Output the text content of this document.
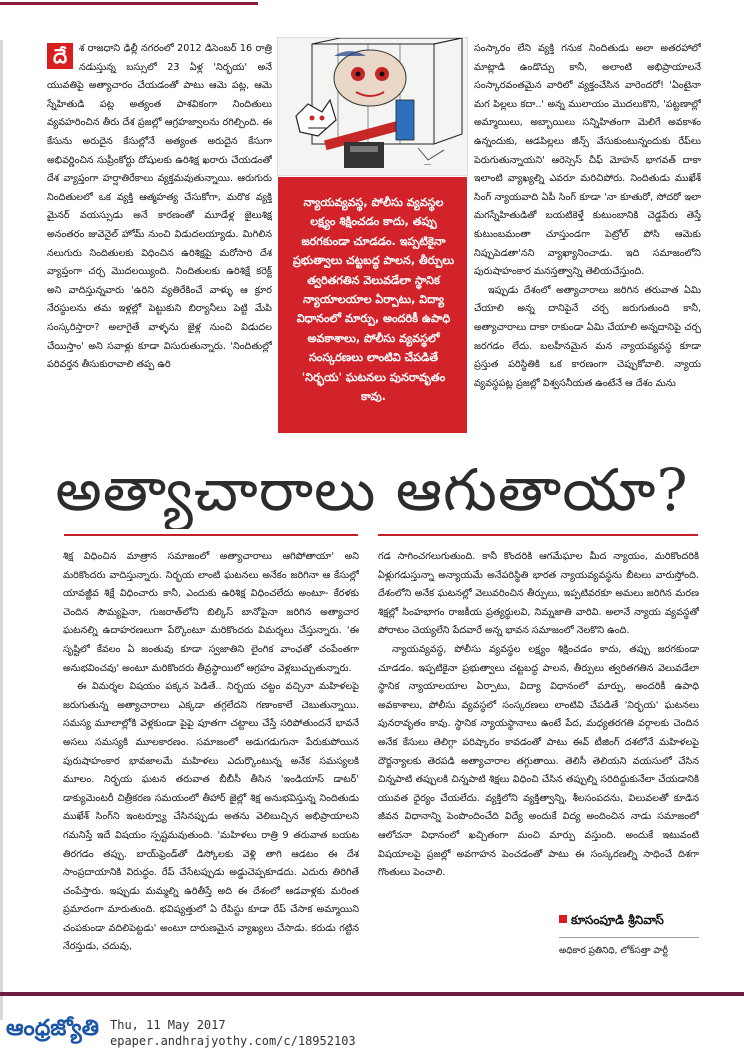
దే	శ రాజధాని ఢిల్లీ నగరంలో 2012 డిసెంబర్ 16 రాత్రి నడుస్తున్న బస్సులో 23 ఏళ్ల 'నిర్భయ' అనే యువతిపై అత్యాచారం చేయడంతో పాటు ఆమె పట్ల, ఆమె స్నేహితుడి పట్ల అత్యంత పాశవికంగా నిందితులు వ్యవహరించిన తీరు దేశ ప్రజల్లో ఆగ్రహజ్వాలను రగిల్చింది. ఈ కేసును అరుదైన కేసుల్లోనే అత్యంత అరుదైన కేసుగా అభివర్ణించిన సుప్రీంకోర్టు దోషులకు ఉరిశిక్ష ఖరారు చేయడంతో దేశ వ్యాప్తంగా హర్షాతిరేకాలు వ్యక్తమవుతున్నాయి. ఆరుగురు నిందితులలో ఒక వ్యక్తి ఆత్మహత్య చేసుకోగా, మరొక వ్యక్తి మైనర్ వయస్సుడు అనే కారణంతో మూడేళ్ల జైలుశిక్ష అనంతరం జువెనైల్ హోమ్ నుంచి విడుదలయ్యాడు. మిగిలిన నలుగురు నిందితులకు విధించిన ఉరిశిక్షపై మరోసారి దేశ వ్యాప్తంగా చర్చ మొదలయ్యింది. నిందితులకు ఉరిశిక్షే కరెక్ట్ అని వాదిస్తున్నవారు 'ఉరిని వ్యతిరేకించే వాళ్ళు ఆ క్రూర నేరస్థులను తమ ఇళ్లల్లో పెట్టుకుని బిర్యానీలు పెట్టి మేపి సంస్కరిస్తారా? అలాగైతే వాళ్ళను జైళ్ల నుంచి విడుదల చేయిస్తాం' అని సవాళ్లు కూడా విసురుతున్నారు. 'నిందితుల్లో పరివర్తన తీసుకురావాలి తప్ప ఉరి

—
న్యాయవ్యవస్థ, పోలీసు వ్యవస్థల లక్ష్యం శిక్షించడం కాదు, తప్పు జరగకుండా చూడడం. ఇప్పటికైనా ప్రభుత్వాలు చట్టబద్ధ పాలన, తీర్పులు త్వరితగతిన వెలువడేలా స్థానిక న్యాయాలయాల ఏర్పాటు, విద్యా విధానంలో మార్పు, అందరికీ ఉపాధి అవకాశాలు, పోలీసు వ్యవస్థలో సంస్కరణలు లాంటివి చేపడితే 'నిర్భయ' ఘటనలు పునరావృతం కావు.

సంస్కారం లేని వ్యక్తి గనుక నిందితుడు అలా అతరహాలో మాట్లాడి ఉండొచ్చు కానీ, అలాంటి అభిప్రాయాలనే సంస్కారవంతమైన వారిలో వ్యక్తంచేసిన వారెందరో! 'ఏంటైనా మగ పిల్లలు కదా..' అన్న ములాయం మొదలుకొని, 'పట్టణాల్లో అమ్మాయిలు, అబ్బాయిలు సన్నిహితంగా మెలిగే అవకాశం ఉన్నందుకు, ఆడపిల్లలు జీన్స్ వేసుకుంటున్నందుకు రేప్‌లు పెరుగుతున్నాయని' ఆరెస్సెస్ చీఫ్ మోహన్ భాగవత్ దాకా ఇలాంటి వ్యాఖ్యల్ని ఎవరూ మరిచిపోరు. నిందితుడు ముఖేశ్ సింగ్ న్యాయవాది ఏపీ సింగ్ కూడా 'నా కూతురో, సోదరో ఇలా మగస్నేహితుడితో బయటికెళ్తే కుటుంబానికి చెడ్డపేరు తెస్తే కుటుంబమంతా చూస్తుండగా పెట్రోల్ పోసి ఆమెకు నిప్పుపెడతా'నని వ్యాఖ్యానించాడు. ఇది సమాజంలోని పురుషాహంకార మనస్తత్వాన్ని తెలియచేస్తుంది.

ఇప్పుడు దేశంలో అత్యాచారాలు జరిగిన తరువాత ఏమి చేయాలి అన్న దానిపైనే చర్చ జరుగుతుంది కానీ, అత్యాచారాలు దాకా రాకుండా ఏమి చేయాలి అన్నదానిపై చర్చ జరగడం లేదు. బలహీనమైన మన న్యాయవ్యవస్థ కూడా ప్రస్తుత పరిస్థితికి ఒక కారణంగా చెప్పుకోవాలి. న్యాయ వ్యవస్థపట్ల ప్రజల్లో విశ్వసనీయత ఉంటేనే ఆ దేశం మను

అత్యాచారాలు ఆగుతాయా?

శిక్ష విధించిన మాత్రాన సమాజంలో అత్యాచారాలు ఆగిపోతాయా' అని మరికొందరు వాదిస్తున్నారు. నిర్భయ లాంటి ఘటనలు అనేకం జరిగినా ఆ కేసుల్లో యావజ్జీవ శిక్షే విధించారు కానీ, ఎందుకు ఉరిశిక్ష విధించలేదు అంటూ- కేరళకు చెందిన సౌమ్యపైనా, గుజరాత్‌లోని బిల్కిస్ బానోపైనా జరిగిన అత్యాచార ఘటనల్ని ఉదాహరణలుగా పేర్కొంటూ మరికొందరు విమర్శలు చేస్తున్నారు. 'ఈ సృష్టిలో కేవలం ఏ జంతువు కూడా స్వజాతిని లైంగిక వాంఛతో చంపేంతగా అనుభవించవు' అంటూ మరికొందరు తీవ్రస్థాయిలో ఆగ్రహం వెళ్లబుచ్చుతున్నారు.

ఈ విమర్శల విషయం పక్కన పెడితే.. నిర్భయ చట్టం వచ్చినా మహిళలపై జరుగుతున్న అత్యాచారాలు ఎక్కడా తగ్గలేదని గణాంకాలే చెబుతున్నాయి. సమస్య మూలాల్లోకి వెళ్లకుండా పైపై పూతగా చట్టాలు చేస్తే సరిపోతుందనే భావనే అసలు సమస్యకి మూలకారణం. సమాజంలో అడుగడుగునా పేరుకుపోయిన పురుషాహంకార భావజాలమే మహిళలు ఎదుర్కొంటున్న అనేక సమస్యలకి మూలం. నిర్భయ ఘటన తరువాత బీబీసీ తీసిన 'ఇండియాస్ డాటర్' డాక్యుమెంటరీ చిత్రీకరణ సమయంలో తీహార్ జైల్లో శిక్ష అనుభవిస్తున్న నిందితుడు ముఖేశ్ సింగ్‌ని ఇంటర్వ్యూ చేసినప్పుడు అతను వెలిబుచ్చిన అభిప్రాయాలని గమనిస్తే ఇదే విషయం స్పష్టమవుతుంది. 'మహిళలు రాత్రి 9 తరువాత బయట తిరగడం తప్పు. బాయ్‌ఫ్రెండ్‌తో డిస్కోలకు వెళ్లి తాగి ఆడటం ఈ దేశ సాంప్రదాయానికి విరుద్ధం. రేప్ చేసేటప్పుడు అడ్డుచెప్పకూడదు. ఎదురు తిరిగితే చంపేస్తారు. ఇప్పుడు మమ్మల్ని ఉరితీస్తే అది ఈ దేశంలో ఆడవాళ్లకు మరింత ప్రమాదంగా మారుతుంది. భవిష్యత్తులో ఏ రేపిస్టు కూడా రేప్ చేసాక అమ్మాయిని చంపకుండా వదిలిపెట్టడు' అంటూ దారుణమైన వ్యాఖ్యలు చేసాడు. కరుడు గట్టిన నేరస్తుడు, చదువు,

గడ సాగించగలుగుతుంది. కానీ కొందరికి ఆగమేఘాల మీద న్యాయం, మరికొందరికి ఏళ్లుగడుస్తున్నా అన్యాయమే అనేపరిస్థితి భారత న్యాయవ్యవస్థను బీటలు వారుస్తోంది. దేశంలోని అనేక ఘటనల్లో వెలువరించిన తీర్పులు, ఇప్పటివరకూ అమలు జరిగిన మరణ శిక్షల్లో సింహభాగం రాజకీయ ప్రత్యర్థులవి, నిమ్నజాతి వారివి. అలానే న్యాయ వ్యవస్థతో పోరాటం చెయ్యలేని పేదవారే అన్న భావన సమాజంలో నెలకొని ఉంది.

న్యాయవ్యవస్థ, పోలీసు వ్యవస్థల లక్ష్యం శిక్షించడం కాదు, తప్పు జరగకుండా చూడడం. ఇప్పటికైనా ప్రభుత్వాలు చట్టబద్ధ పాలన, తీర్పులు త్వరితగతిన వెలువడేలా స్థానిక న్యాయాలయాల ఏర్పాటు, విద్యా విధానంలో మార్పు, అందరికీ ఉపాధి అవకాశాలు, పోలీసు వ్యవస్థలో సంస్కరణలు లాంటివి చేపడితే 'నిర్భయ' ఘటనలు పునరావృతం కావు. స్థానిక న్యాయస్థానాలు ఉంటే పేద, మధ్యతరగతి వర్గాలకు చెందిన అనేక కేసులు తెలిగ్గా పరిష్కారం కావడంతో పాటు ఈవ్ టీజింగ్ దశలోనే మహిళలపై దౌర్జన్యాలకు తెరపడి అత్యాచారాల తగ్గుతాయి. తెలిసీ తెలియని వయసులో చేసిన చిన్నపాటి తప్పులకి చిన్నపాటి శిక్షలు విధించి చేసిన తప్పుల్ని సరిదిద్దుకునేలా చేయడానికి యువత ధైర్యం చేయలేదు. వ్యక్తిలోని వ్యక్తిత్వాన్ని, శీలసంపదను, విలువలతో కూడిన జీవన విధానాన్ని పెంపొందించేది విద్యే అందుకే విద్య అందించిన నాడు సమాజంలో ఆలోచనా విధానంలో ఖచ్చితంగా మంచి మార్పు వస్తుంది. అందుకే ఇటువంటి విషయాలపై ప్రజల్లో అవగాహన పెంచడంతో పాటు ఈ సంస్కరణల్ని సాధించే దిశగా గొంతులు పెంచాలి.

కూసంపూడి శ్రీనివాస్
అధికార ప్రతినిధి, లోక్‌సత్తా పార్టీ
ఆంధ్రజ్యోతి Thu, 11 May 2017
epaper.andhrajyothy.com/c/18952103
